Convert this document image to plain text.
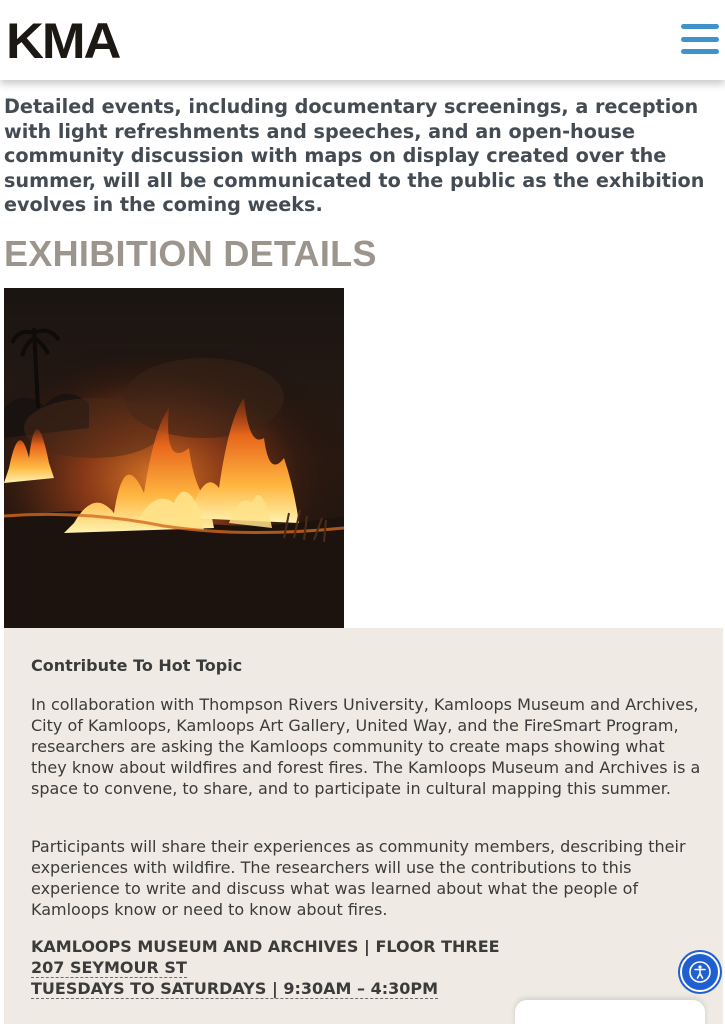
KMA

Detailed events, including documentary screenings, a reception with light refreshments and speeches, and an open-house community discussion with maps on display created over the summer, will all be communicated to the public as the exhibition evolves in the coming weeks.

EXHIBITION DETAILS
Contribute To Hot Topic

In collaboration with Thompson Rivers University, Kamloops Museum and Archives, City of Kamloops, Kamloops Art Gallery, United Way, and the FireSmart Program, researchers are asking the Kamloops community to create maps showing what they know about wildfires and forest fires. The Kamloops Museum and Archives is a space to convene, to share, and to participate in cultural mapping this summer.

Participants will share their experiences as community members, describing their experiences with wildfire. The researchers will use the contributions to this experience to write and discuss what was learned about what the people of Kamloops know or need to know about fires.

KAMLOOPS MUSEUM AND ARCHIVES | FLOOR THREE
207 SEYMOUR ST
TUESDAYS TO SATURDAYS | 9:30AM – 4:30PM
